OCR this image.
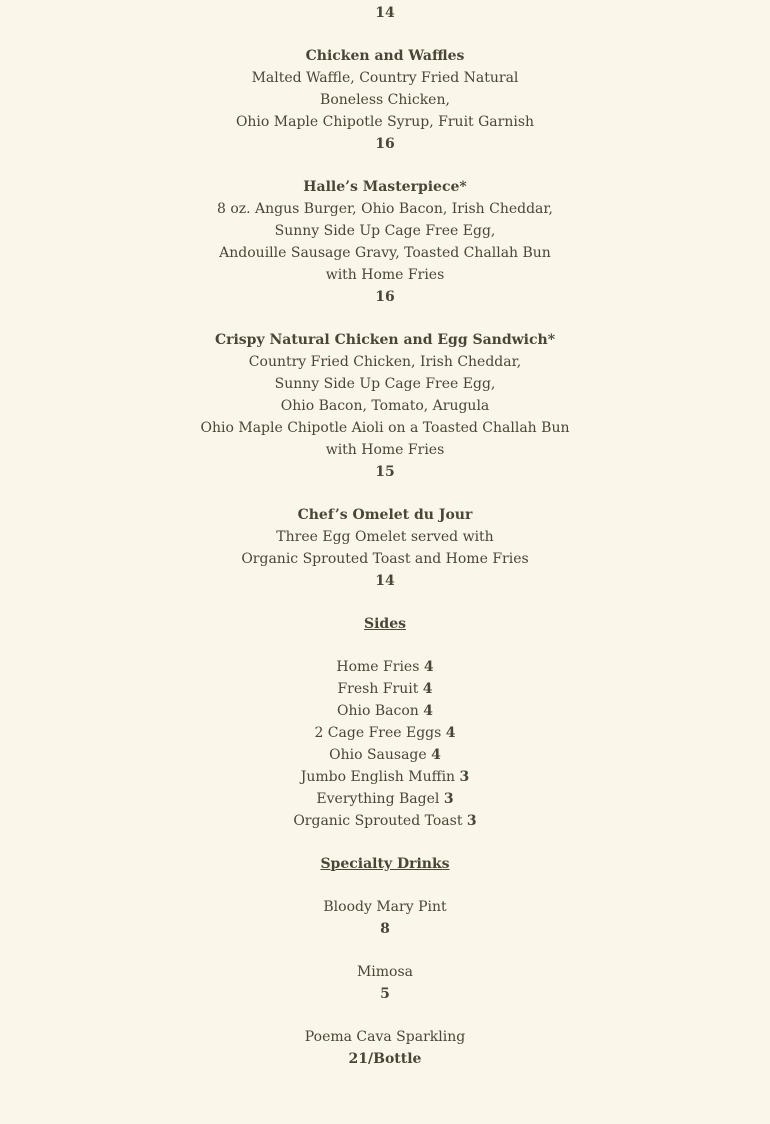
14
Chicken and Waffles
Malted Waffle, Country Fried Natural
Boneless Chicken,
Ohio Maple Chipotle Syrup, Fruit Garnish
16
Halle’s Masterpiece*
8 oz. Angus Burger, Ohio Bacon, Irish Cheddar,
Sunny Side Up Cage Free Egg,
Andouille Sausage Gravy, Toasted Challah Bun
with Home Fries
16
Crispy Natural Chicken and Egg Sandwich*
Country Fried Chicken, Irish Cheddar,
Sunny Side Up Cage Free Egg,
Ohio Bacon, Tomato, Arugula
Ohio Maple Chipotle Aioli on a Toasted Challah Bun
with Home Fries
15
Chef’s Omelet du Jour
Three Egg Omelet served with
Organic Sprouted Toast and Home Fries
14
Sides
Home Fries 4
Fresh Fruit 4
Ohio Bacon 4
2 Cage Free Eggs 4
Ohio Sausage 4
Jumbo English Muffin 3
Everything Bagel 3
Organic Sprouted Toast 3
Specialty Drinks
Bloody Mary Pint
8
Mimosa
5
Poema Cava Sparkling
21/Bottle
